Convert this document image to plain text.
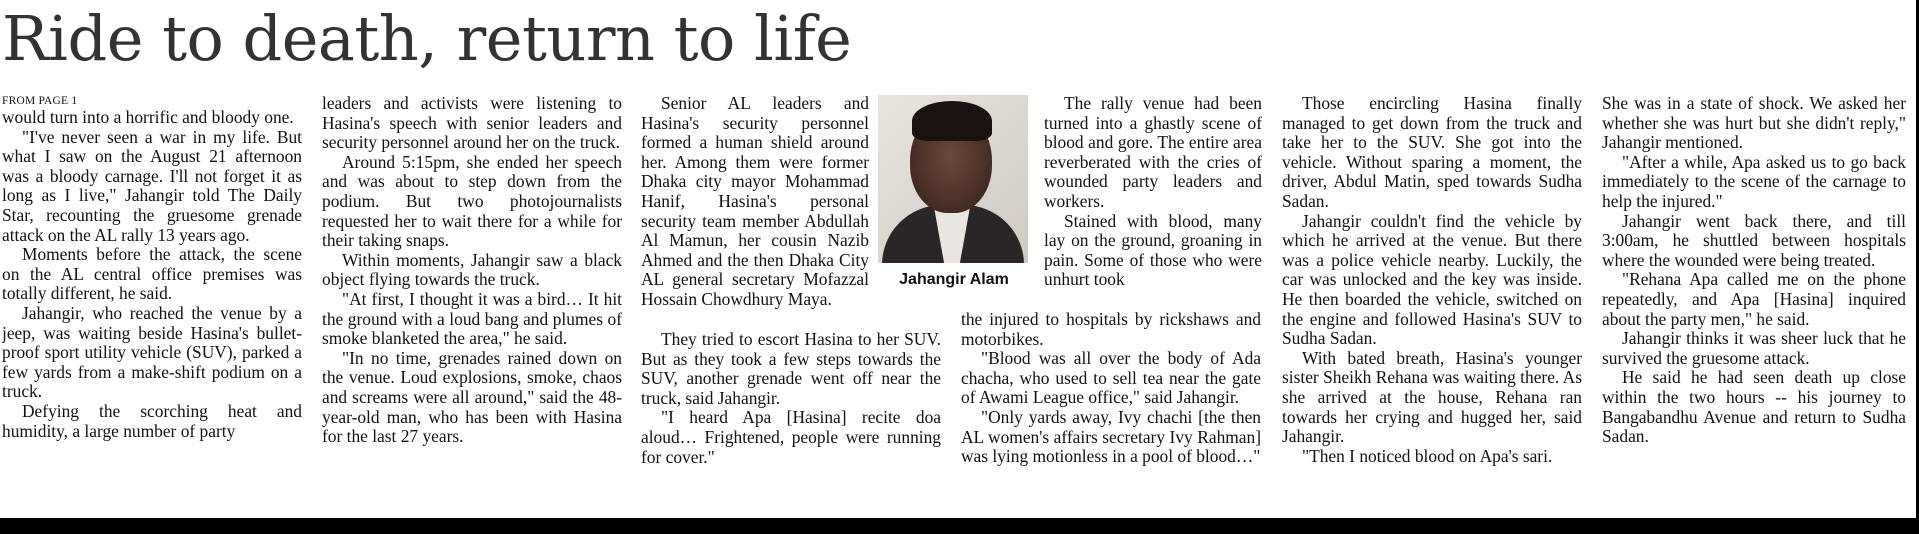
Ride to death, return to life
FROM PAGE 1

would turn into a horrific and bloody one.

"I've never seen a war in my life. But what I saw on the August 21 afternoon was a bloody carnage. I'll not forget it as long as I live," Jahangir told The Daily Star, recounting the gruesome grenade attack on the AL rally 13 years ago.

Moments before the attack, the scene on the AL central office premises was totally different, he said.

Jahangir, who reached the venue by a jeep, was waiting beside Hasina's bullet-proof sport utility vehicle (SUV), parked a few yards from a make-shift podium on a truck.

Defying the scorching heat and humidity, a large number of party

leaders and activists were listening to Hasina's speech with senior leaders and security personnel around her on the truck.

Around 5:15pm, she ended her speech and was about to step down from the podium. But two photojournalists requested her to wait there for a while for their taking snaps.

Within moments, Jahangir saw a black object flying towards the truck.

"At first, I thought it was a bird… It hit the ground with a loud bang and plumes of smoke blanketed the area," he said.

"In no time, grenades rained down on the venue. Loud explosions, smoke, chaos and screams were all around," said the 48-year-old man, who has been with Hasina for the last 27 years.

Senior AL leaders and Hasina's security personnel formed a human shield around her. Among them were former Dhaka city mayor Mohammad Hanif, Hasina's personal security team member Abdullah Al Mamun, her cousin Nazib Ahmed and the then Dhaka City AL general secretary Mofazzal Hossain Chowdhury Maya.

They tried to escort Hasina to her SUV. But as they took a few steps towards the SUV, another grenade went off near the truck, said Jahangir.

"I heard Apa [Hasina] recite doa aloud… Frightened, people were running for cover."

Jahangir Alam

The rally venue had been turned into a ghastly scene of blood and gore. The entire area reverberated with the cries of wounded party leaders and workers.

Stained with blood, many lay on the ground, groaning in pain. Some of those who were unhurt took

the injured to hospitals by rickshaws and motorbikes.

"Blood was all over the body of Ada chacha, who used to sell tea near the gate of Awami League office," said Jahangir.

"Only yards away, Ivy chachi [the then AL women's affairs secretary Ivy Rahman] was lying motionless in a pool of blood…"

Those encircling Hasina finally managed to get down from the truck and take her to the SUV. She got into the vehicle. Without sparing a moment, the driver, Abdul Matin, sped towards Sudha Sadan.

Jahangir couldn't find the vehicle by which he arrived at the venue. But there was a police vehicle nearby. Luckily, the car was unlocked and the key was inside. He then boarded the vehicle, switched on the engine and followed Hasina's SUV to Sudha Sadan.

With bated breath, Hasina's younger sister Sheikh Rehana was waiting there. As she arrived at the house, Rehana ran towards her crying and hugged her, said Jahangir.

"Then I noticed blood on Apa's sari.

She was in a state of shock. We asked her whether she was hurt but she didn't reply," Jahangir mentioned.

"After a while, Apa asked us to go back immediately to the scene of the carnage to help the injured."

Jahangir went back there, and till 3:00am, he shuttled between hospitals where the wounded were being treated.

"Rehana Apa called me on the phone repeatedly, and Apa [Hasina] inquired about the party men," he said.

Jahangir thinks it was sheer luck that he survived the gruesome attack.

He said he had seen death up close within the two hours -- his journey to Bangabandhu Avenue and return to Sudha Sadan.
